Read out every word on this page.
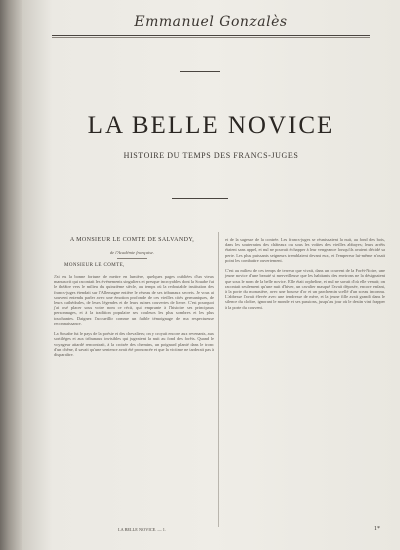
Emmanuel Gonzalès
LA BELLE NOVICE
HISTOIRE DU TEMPS DES FRANCS-JUGES
A MONSIEUR LE COMTE DE SALVANDY,
de l'Académie française.
MONSIEUR LE COMTE,
J'ai eu la bonne fortune de mettre en lumière, quelques pages oubliées d'un vieux manuscrit qui racontait les événements singuliers et presque incroyables dont la Souabe fut le théâtre vers le milieu du quinzième siècle, au temps où la redoutable institution des francs-juges étendait sur l'Allemagne entière le réseau de ses tribunaux secrets. Je vous ai souvent entendu parler avec une émotion profonde de ces vieilles cités germaniques, de leurs cathédrales, de leurs légendes et de leurs ruines couvertes de lierre. C'est pourquoi j'ai osé placer sous votre nom ce récit, qui emprunte à l'histoire ses principaux personnages, et à la tradition populaire ses couleurs les plus sombres et les plus touchantes. Daignez l'accueillir comme un faible témoignage de ma respectueuse reconnaissance.

La Souabe fut le pays de la poésie et des chevaliers; on y croyait encore aux revenants, aux sortiléges et aux tribunaux invisibles qui jugeaient la nuit au fond des forêts. Quand le voyageur attardé rencontrait, à la croisée des chemins, un poignard planté dans le tronc d'un chêne, il savait qu'une sentence avait été prononcée et que la victime ne tarderait pas à disparaître.
et de la sagesse de la contrée. Les francs-juges se réunissaient la nuit, au fond des bois, dans les souterrains des châteaux ou sous les voûtes des vieilles abbayes; leurs arrêts étaient sans appel, et nul ne pouvait échapper à leur vengeance lorsqu'ils avaient décidé sa perte. Les plus puissants seigneurs tremblaient devant eux, et l'empereur lui-même n'osait point les combattre ouvertement.

C'est au milieu de ces temps de terreur que vivait, dans un couvent de la Forêt-Noire, une jeune novice d'une beauté si merveilleuse que les habitants des environs ne la désignaient que sous le nom de la belle novice. Elle était orpheline, et nul ne savait d'où elle venait; on racontait seulement qu'une nuit d'hiver, un cavalier masqué l'avait déposée, encore enfant, à la porte du monastère, avec une bourse d'or et un parchemin scellé d'un sceau inconnu. L'abbesse l'avait élevée avec une tendresse de mère, et la jeune fille avait grandi dans le silence du cloître, ignorant le monde et ses passions, jusqu'au jour où le destin vint frapper à la porte du couvent.
LA BELLE NOVICE. — 1.	1*
